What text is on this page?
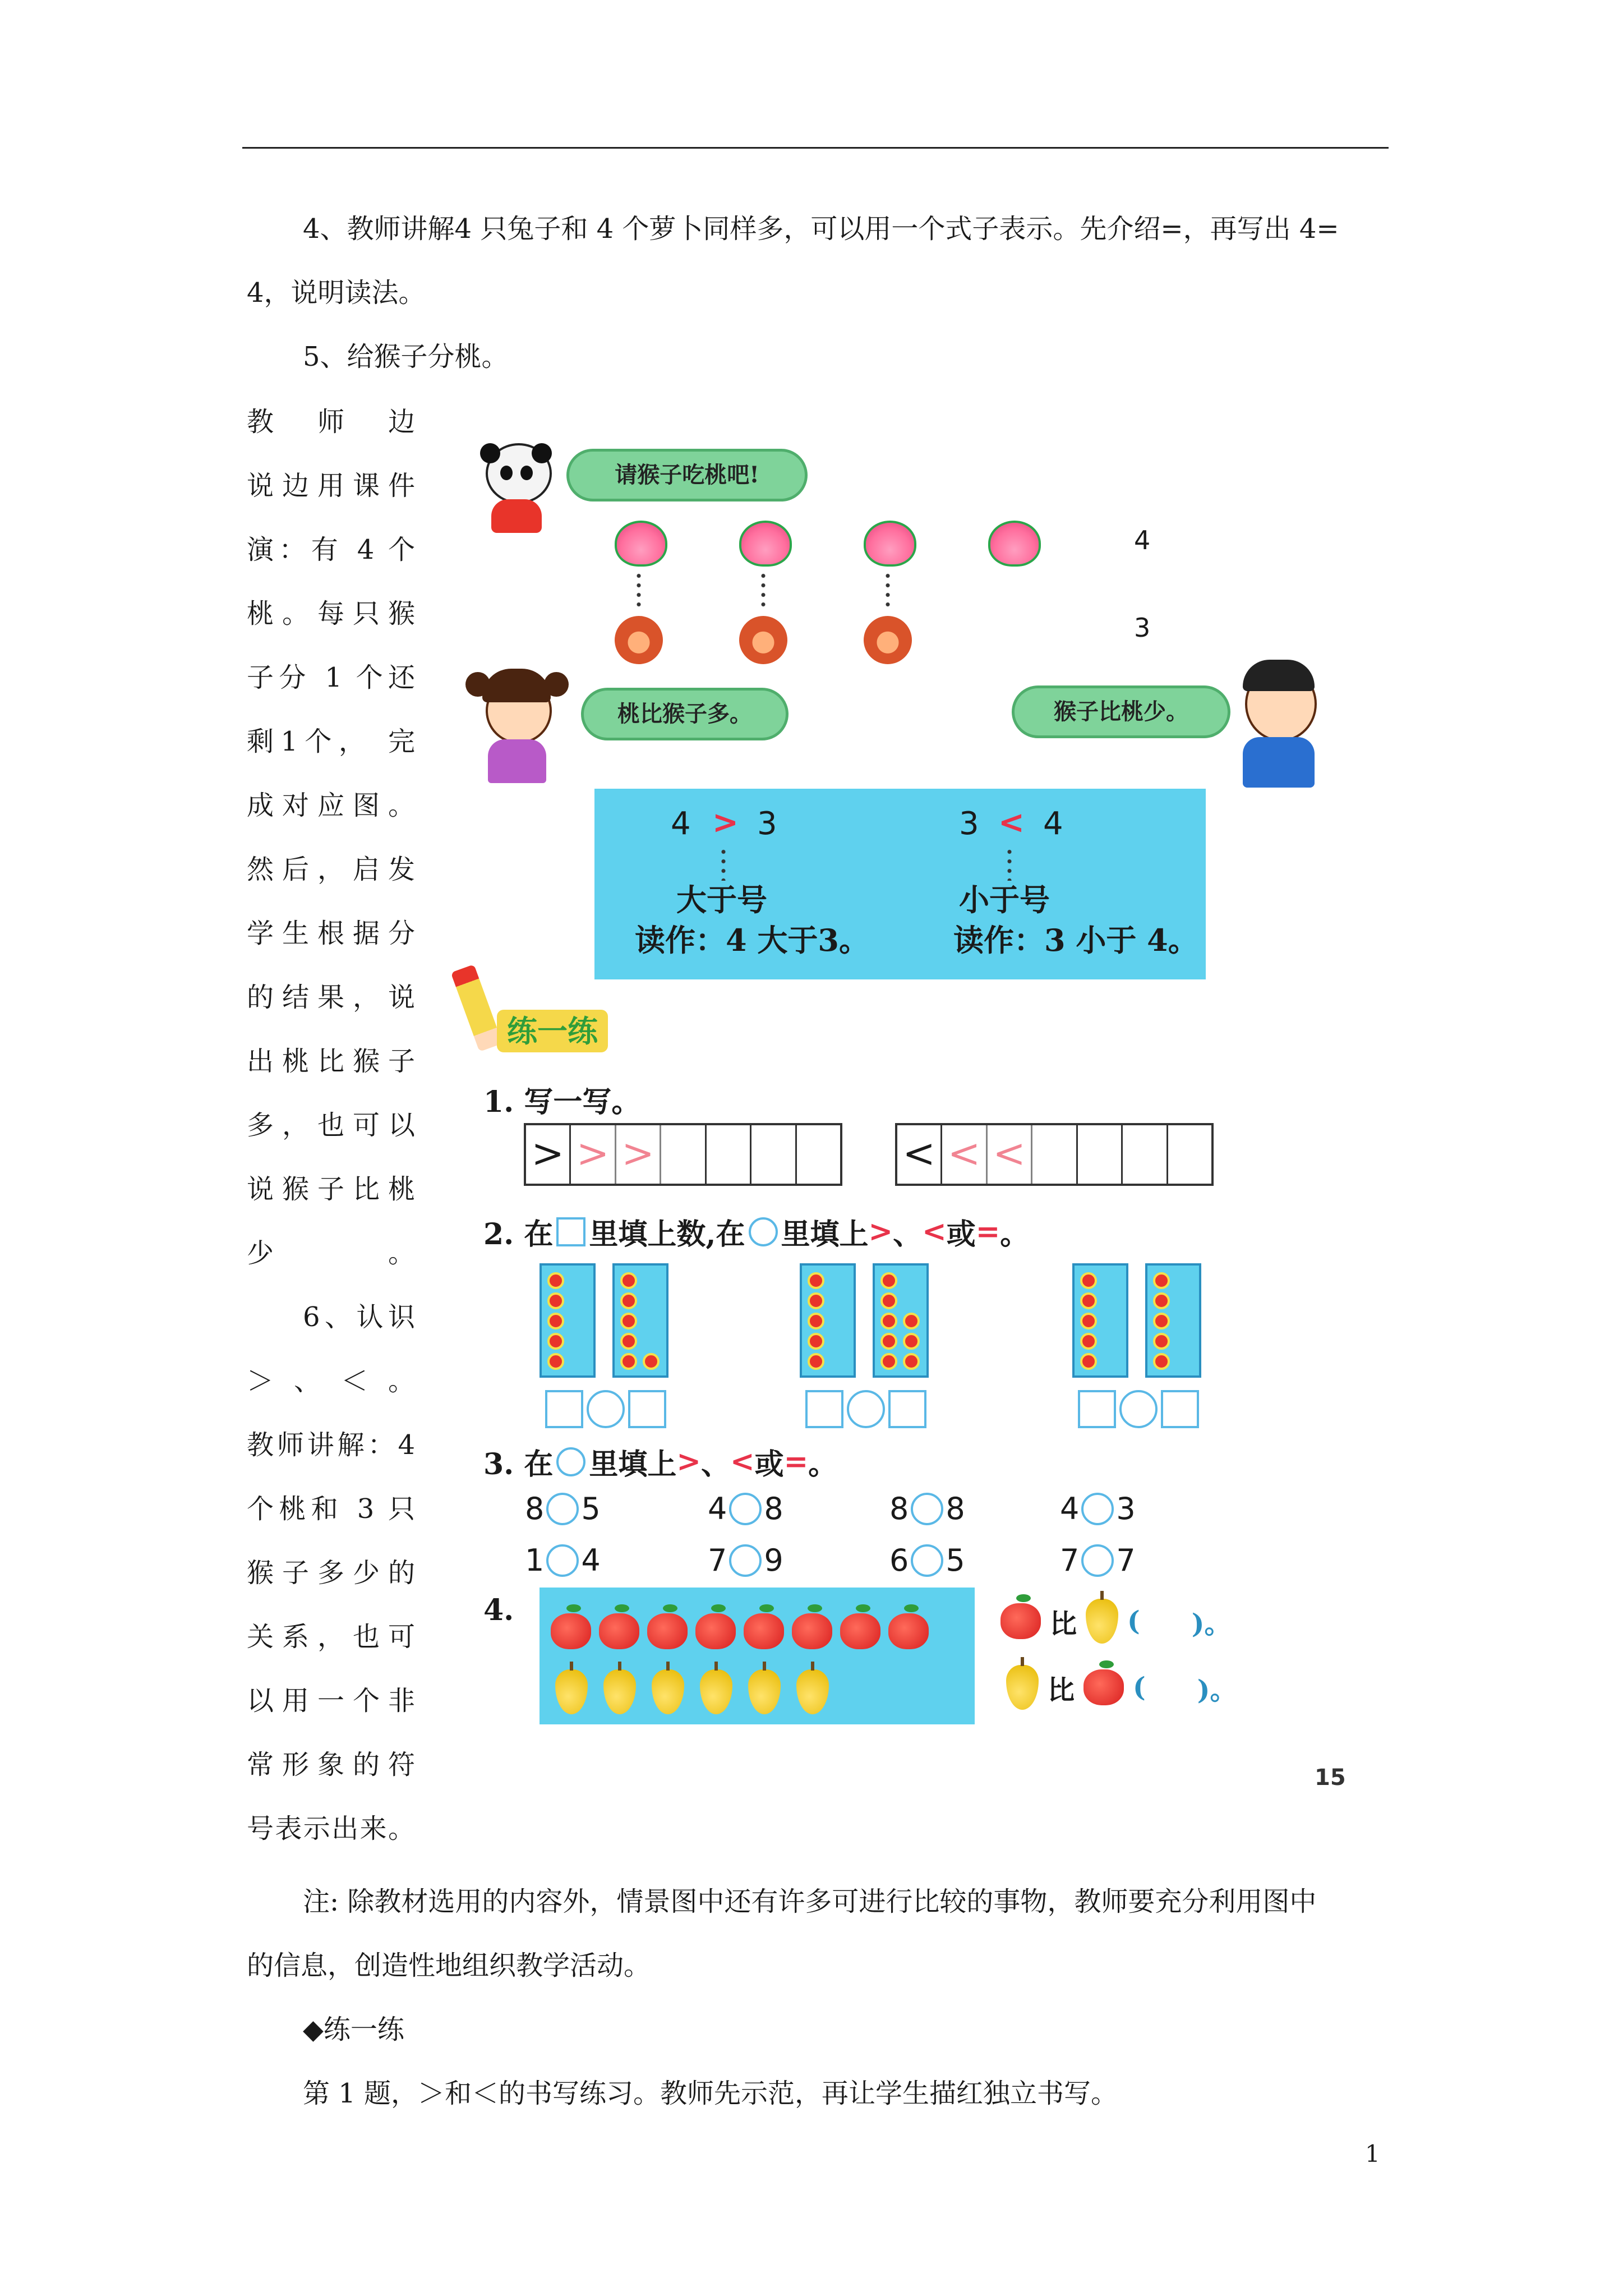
4、教师讲解4 只兔子和 4 个萝卜同样多，可以用一个式子表示。先介绍=，再写出 4=
4，说明读法。
5、给猴子分桃。
教 师 边
说边用课件
演：有 4 个
桃。每只猴
子分 1 个还
剩1个， 完
成对应图。
然后，启发
学生根据分
的结果，说
出桃比猴子
多，也可以
说猴子比桃
少。
6、认识
＞、＜。
教师讲解：4
个桃和 3 只
猴子多少的
关系，也可
以用一个非
常形象的符
号表示出来。
请猴子吃桃吧!
4
3
桃比猴子多。	猴子比桃少。
4 > 3
大于号
读作：4 大于3。
3 < 4
小于号
读作：3 小于 4。
练一练
1. 写一写。
> > >	< < <
2. 在 里填上数,在 里填上 > 、 < 或 = 。
3. 在 里填上 > 、 < 或 = 。
8 5	4 8	8 8	4 3
1 4	7 9	6 5	7 7
4.	比 ( )。
比 ( )。
15
注: 除教材选用的内容外，情景图中还有许多可进行比较的事物，教师要充分利用图中
的信息，创造性地组织教学活动。
◆练一练
第 1 题，＞和＜的书写练习。教师先示范，再让学生描红独立书写。
1
